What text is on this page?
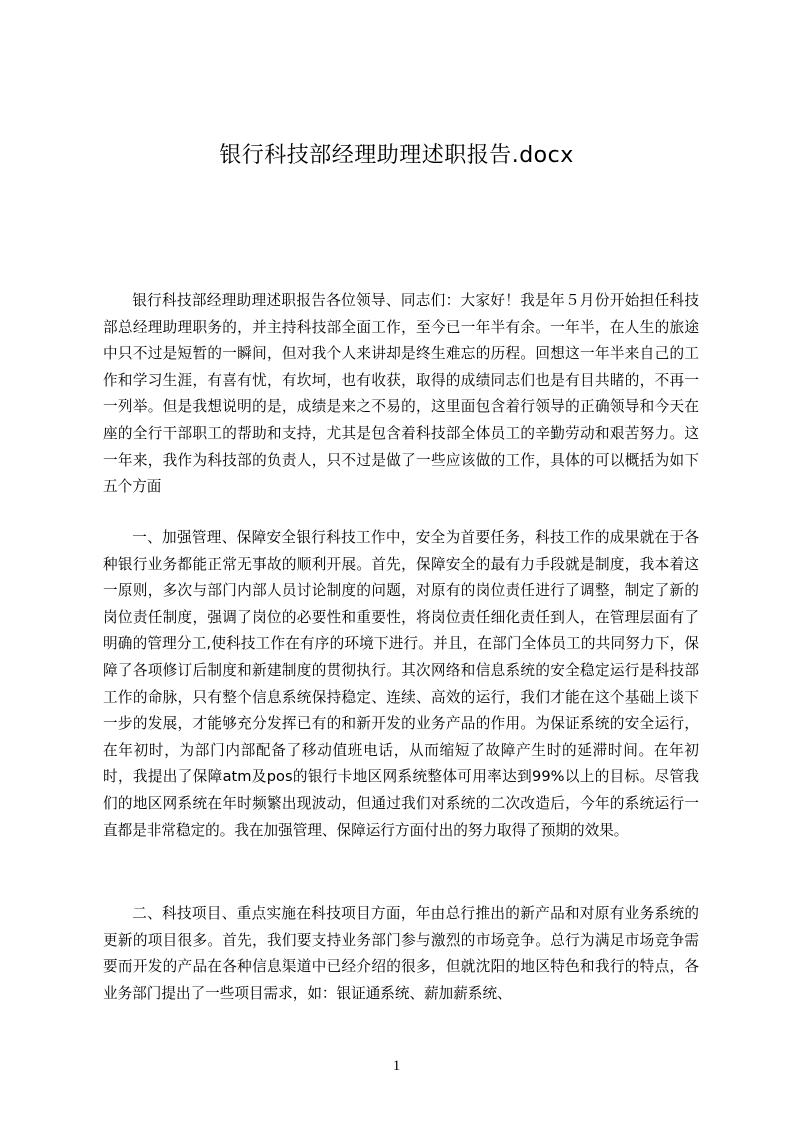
银行科技部经理助理述职报告.docx

银行科技部经理助理述职报告各位领导、同志们：大家好！我是年５月份开始担任科技部总经理助理职务的，并主持科技部全面工作，至今已一年半有余。一年半，在人生的旅途中只不过是短暂的一瞬间，但对我个人来讲却是终生难忘的历程。回想这一年半来自己的工作和学习生涯，有喜有忧，有坎坷，也有收获，取得的成绩同志们也是有目共睹的，不再一一列举。但是我想说明的是，成绩是来之不易的，这里面包含着行领导的正确领导和今天在座的全行干部职工的帮助和支持，尤其是包含着科技部全体员工的辛勤劳动和艰苦努力。这一年来，我作为科技部的负责人，只不过是做了一些应该做的工作，具体的可以概括为如下五个方面

一、加强管理、保障安全银行科技工作中，安全为首要任务，科技工作的成果就在于各种银行业务都能正常无事故的顺利开展。首先，保障安全的最有力手段就是制度，我本着这一原则，多次与部门内部人员讨论制度的问题，对原有的岗位责任进行了调整，制定了新的岗位责任制度，强调了岗位的必要性和重要性，将岗位责任细化责任到人，在管理层面有了明确的管理分工,使科技工作在有序的环境下进行。并且，在部门全体员工的共同努力下，保障了各项修订后制度和新建制度的贯彻执行。其次网络和信息系统的安全稳定运行是科技部工作的命脉，只有整个信息系统保持稳定、连续、高效的运行，我们才能在这个基础上谈下一步的发展，才能够充分发挥已有的和新开发的业务产品的作用。为保证系统的安全运行，在年初时，为部门内部配备了移动值班电话，从而缩短了故障产生时的延滞时间。在年初时，我提出了保障atm及pos的银行卡地区网系统整体可用率达到99%以上的目标。尽管我们的地区网系统在年时频繁出现波动，但通过我们对系统的二次改造后，今年的系统运行一直都是非常稳定的。我在加强管理、保障运行方面付出的努力取得了预期的效果。

二、科技项目、重点实施在科技项目方面，年由总行推出的新产品和对原有业务系统的更新的项目很多。首先，我们要支持业务部门参与激烈的市场竞争。总行为满足市场竞争需要而开发的产品在各种信息渠道中已经介绍的很多，但就沈阳的地区特色和我行的特点，各业务部门提出了一些项目需求，如：银证通系统、薪加薪系统、

1
